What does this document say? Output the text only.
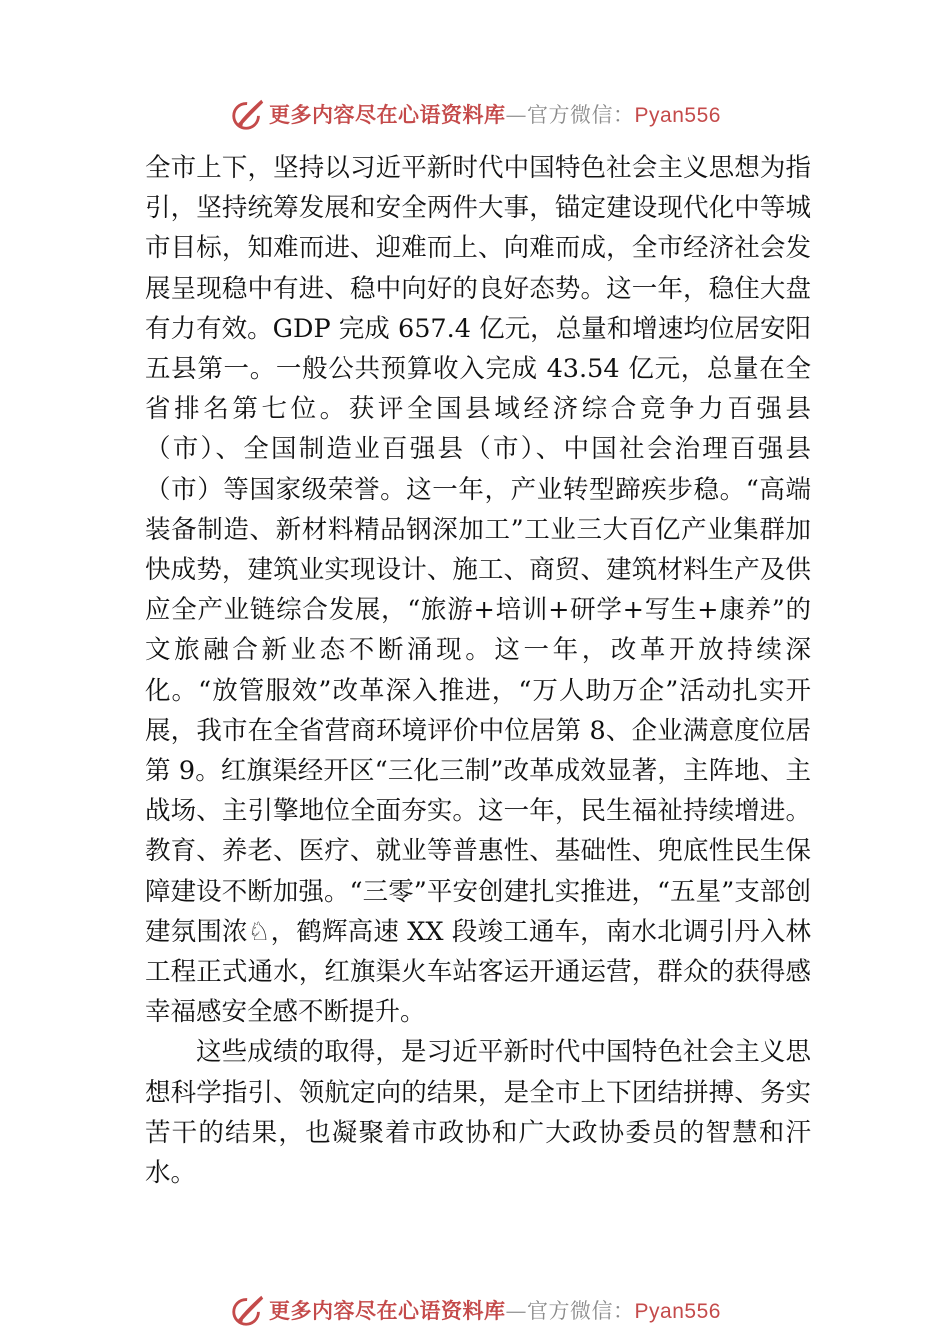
更多内容尽在心语资料库—官方微信：Pyan556

全市上下，坚持以习近平新时代中国特色社会主义思想为指引，坚持统筹发展和安全两件大事，锚定建设现代化中等城市目标，知难而进、迎难而上、向难而成，全市经济社会发展呈现稳中有进、稳中向好的良好态势。这一年，稳住大盘 有力有效。GDP 完成 657.4 亿元，总量和增速均位居安阳五县第一。一般公共预算收入完成 43.54 亿元，总量在全省排名第七位。获评全国县域经济综合竞争力百强县（市）、全国制造业百强县（市）、中国社会治理百强县（市）等国家级荣誉。这一年，产业转型蹄疾步稳。“高端装备制造、新材料精品钢深加工”工业三大百亿产业集群加快成势，建筑业实现设计、施工、商贸、建筑材料生产及供应全产业链综合发展，“旅游+培训+研学+写生+康养”的文旅融合新业态不断涌现。这一年，改革开放持续深化。“放管服效”改革深入推进，“万人助万企”活动扎实开展，我市在全省营商环境评价中位居第 8、企业满意度位居第 9。红旗渠经开区“三化三制”改革成效显著，主阵地、主战场、主引擎地位全面夯实。这一年，民生福祉持续增进。教育、养老、医疗、就业等普惠性、基础性、兜底性民生保障建设不断加强。“三零”平安创建扎实推进，“五星”支部创建氛围浓♘，鹤辉高速 XX 段竣工通车，南水北调引丹入林工程正式通水，红旗渠火车站客运开通运营，群众的获得感幸福感安全感不断提升。

这些成绩的取得，是习近平新时代中国特色社会主义思想科学指引、领航定向的结果，是全市上下团结拼搏、务实苦干的结果，也凝聚着市政协和广大政协委员的智慧和汗水。

更多内容尽在心语资料库—官方微信：Pyan556
